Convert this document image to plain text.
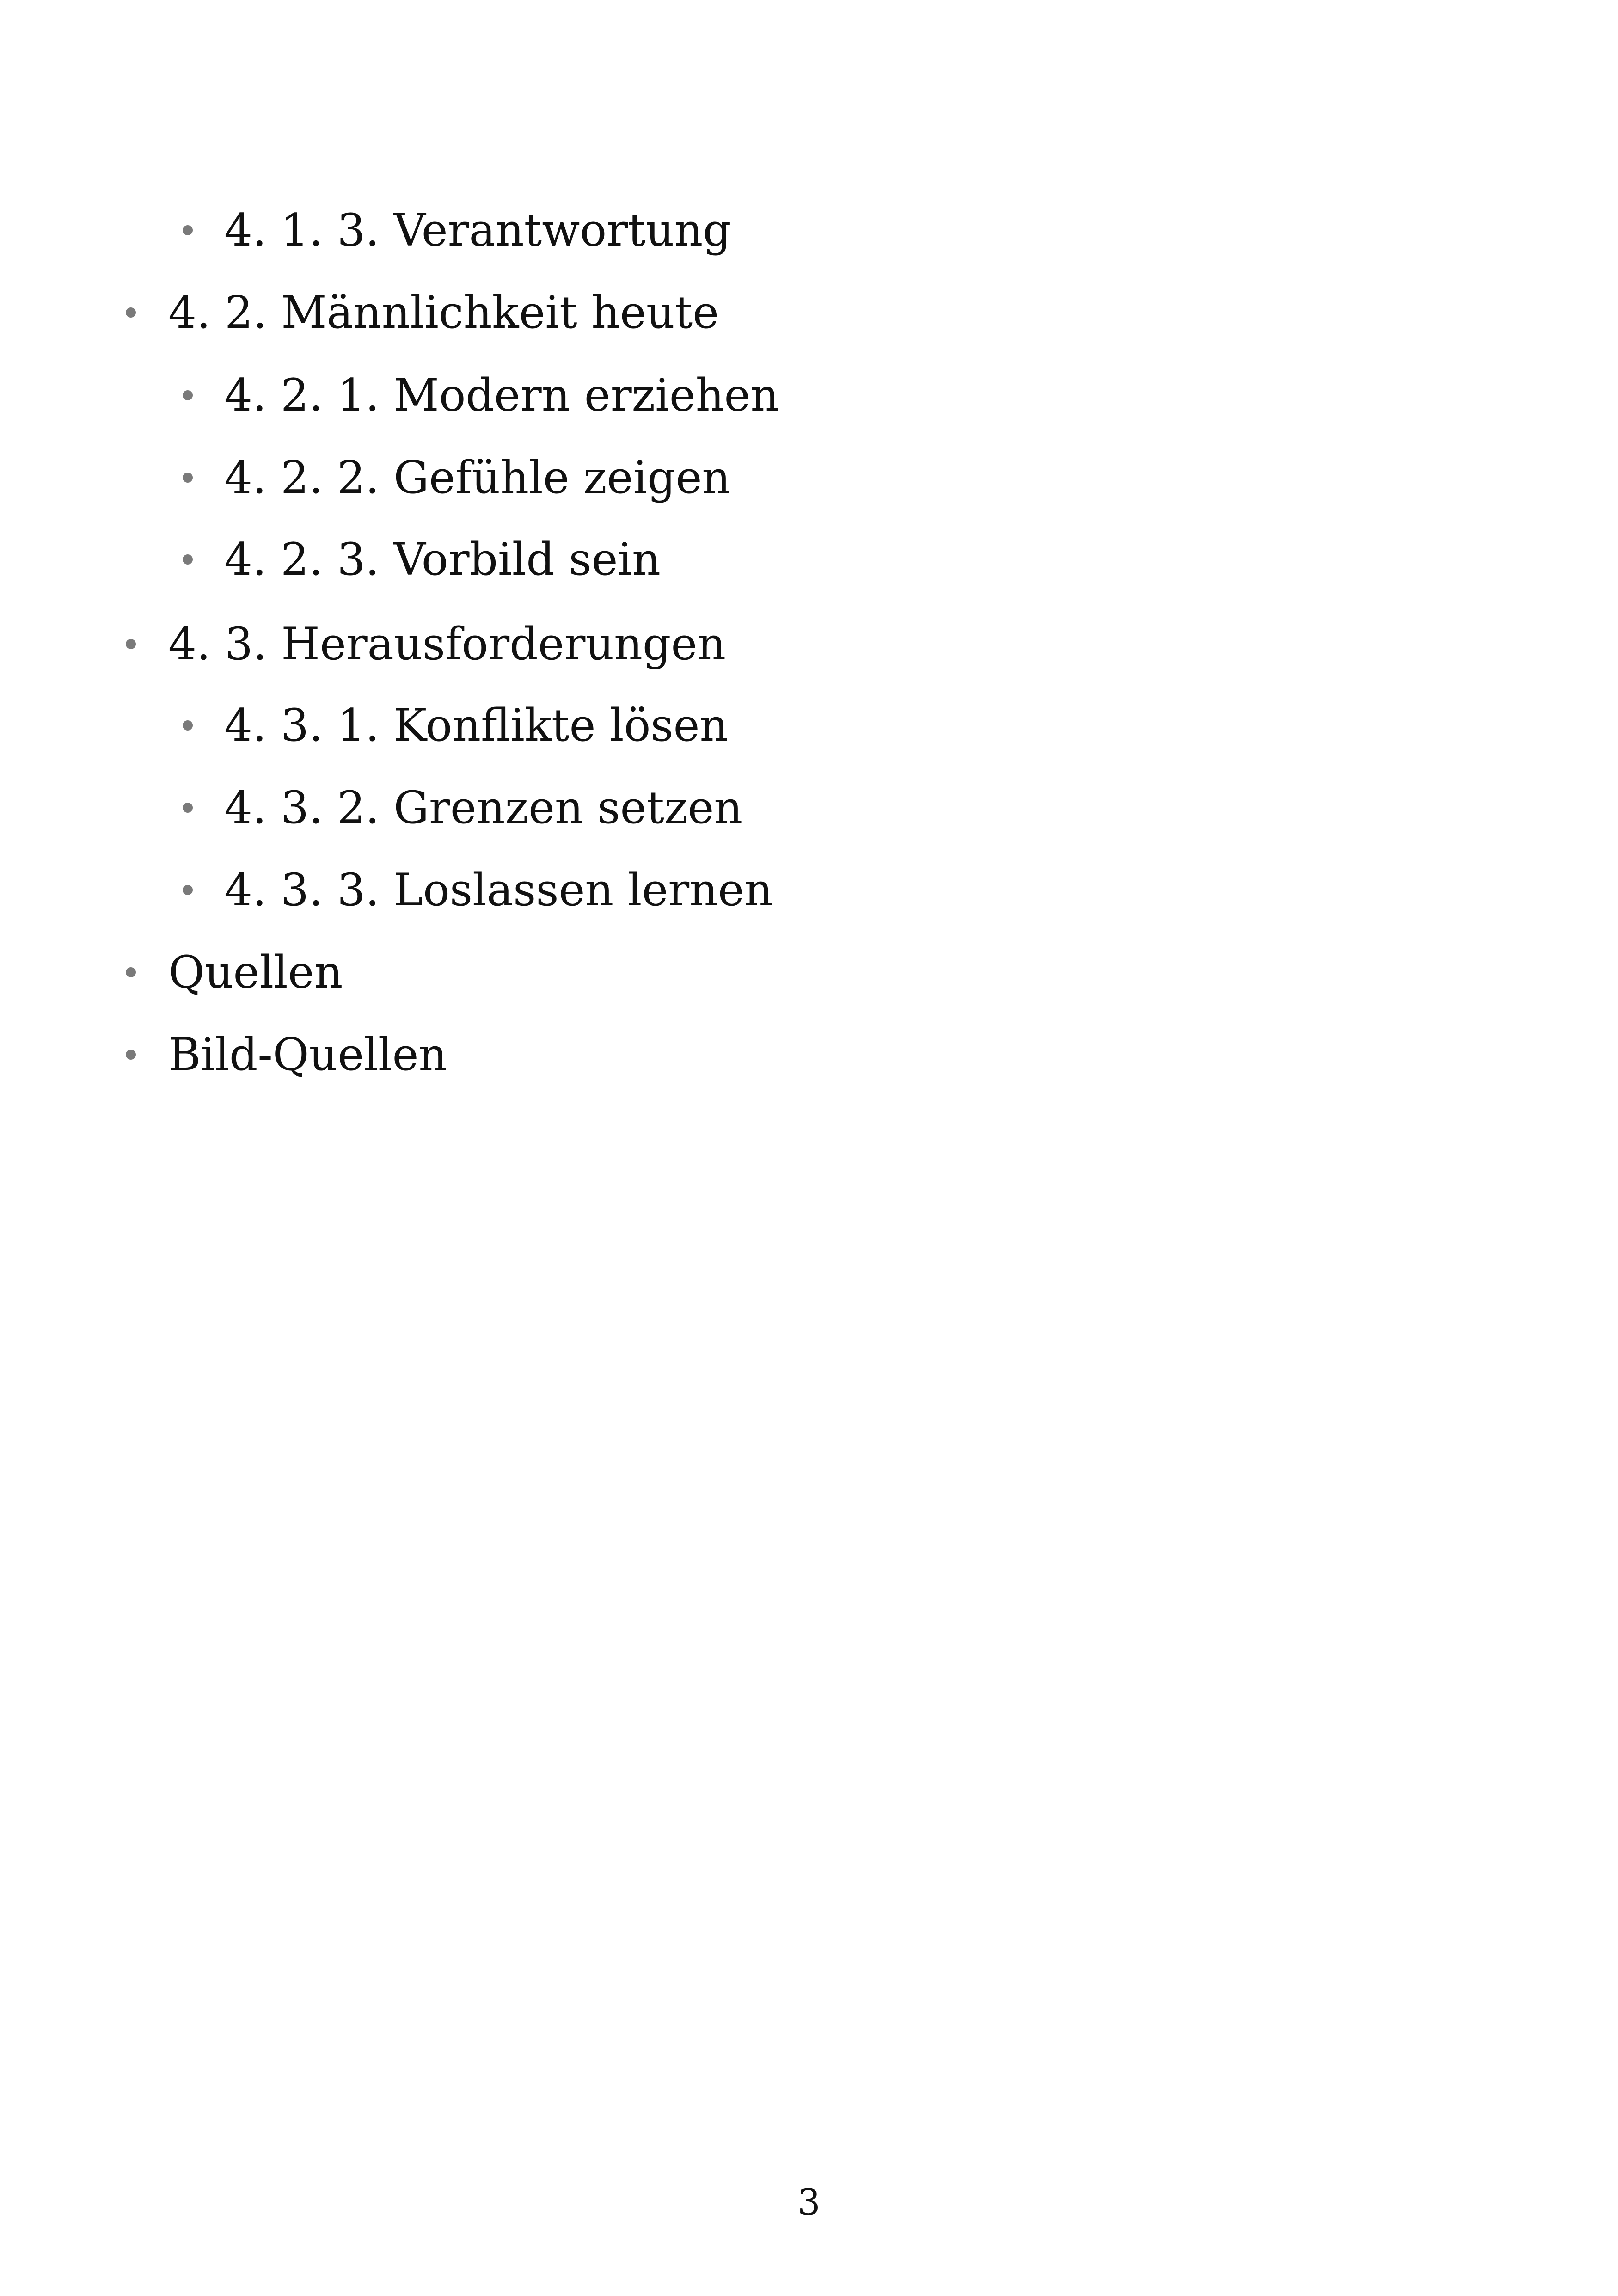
4. 1. 3. Verantwortung
4. 2. Männlichkeit heute
4. 2. 1. Modern erziehen
4. 2. 2. Gefühle zeigen
4. 2. 3. Vorbild sein
4. 3. Herausforderungen
4. 3. 1. Konflikte lösen
4. 3. 2. Grenzen setzen
4. 3. 3. Loslassen lernen
Quellen
Bild-Quellen
3
